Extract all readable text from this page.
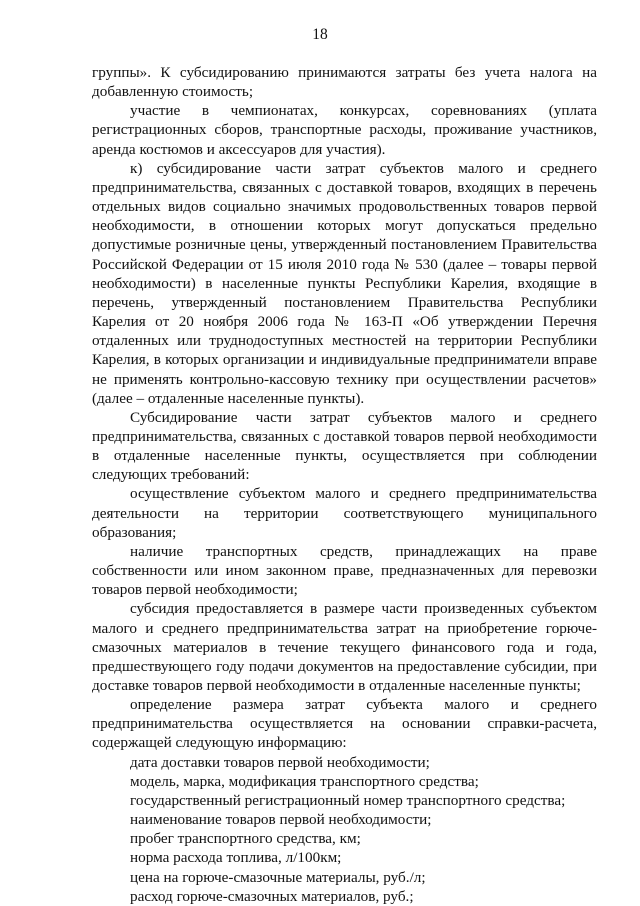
18

группы». К субсидированию принимаются затраты без учета налога на добавленную стоимость;

участие в чемпионатах, конкурсах, соревнованиях (уплата регистрационных сборов, транспортные расходы, проживание участников, аренда костюмов и аксессуаров для участия).

к) субсидирование части затрат субъектов малого и среднего предпринимательства, связанных с доставкой товаров, входящих в перечень отдельных видов социально значимых продовольственных товаров первой необходимости, в отношении которых могут допускаться предельно допустимые розничные цены, утвержденный постановлением Правительства Российской Федерации от 15 июля 2010 года № 530 (далее – товары первой необходимости) в населенные пункты Республики Карелия, входящие в перечень, утвержденный постановлением Правительства Республики Карелия от 20 ноября 2006 года № 163-П «Об утверждении Перечня отдаленных или труднодоступных местностей на территории Республики Карелия, в которых организации и индивидуальные предприниматели вправе не применять контрольно-кассовую технику при осуществлении расчетов» (далее – отдаленные населенные пункты).

Субсидирование части затрат субъектов малого и среднего предпринимательства, связанных с доставкой товаров первой необходимости в отдаленные населенные пункты, осуществляется при соблюдении следующих требований:

осуществление субъектом малого и среднего предпринимательства деятельности на территории соответствующего муниципального образования;

наличие транспортных средств, принадлежащих на праве собственности или ином законном праве, предназначенных для перевозки товаров первой необходимости;

субсидия предоставляется в размере части произведенных субъектом малого и среднего предпринимательства затрат на приобретение горюче-смазочных материалов в течение текущего финансового года и года, предшествующего году подачи документов на предоставление субсидии, при доставке товаров первой необходимости в отдаленные населенные пункты;

определение размера затрат субъекта малого и среднего предпринимательства осуществляется на основании справки-расчета, содержащей следующую информацию:

дата доставки товаров первой необходимости;

модель, марка, модификация транспортного средства;

государственный регистрационный номер транспортного средства;

наименование товаров первой необходимости;

пробег транспортного средства, км;

норма расхода топлива, л/100км;

цена на горюче-смазочные материалы, руб./л;

расход горюче-смазочных материалов, руб.;
